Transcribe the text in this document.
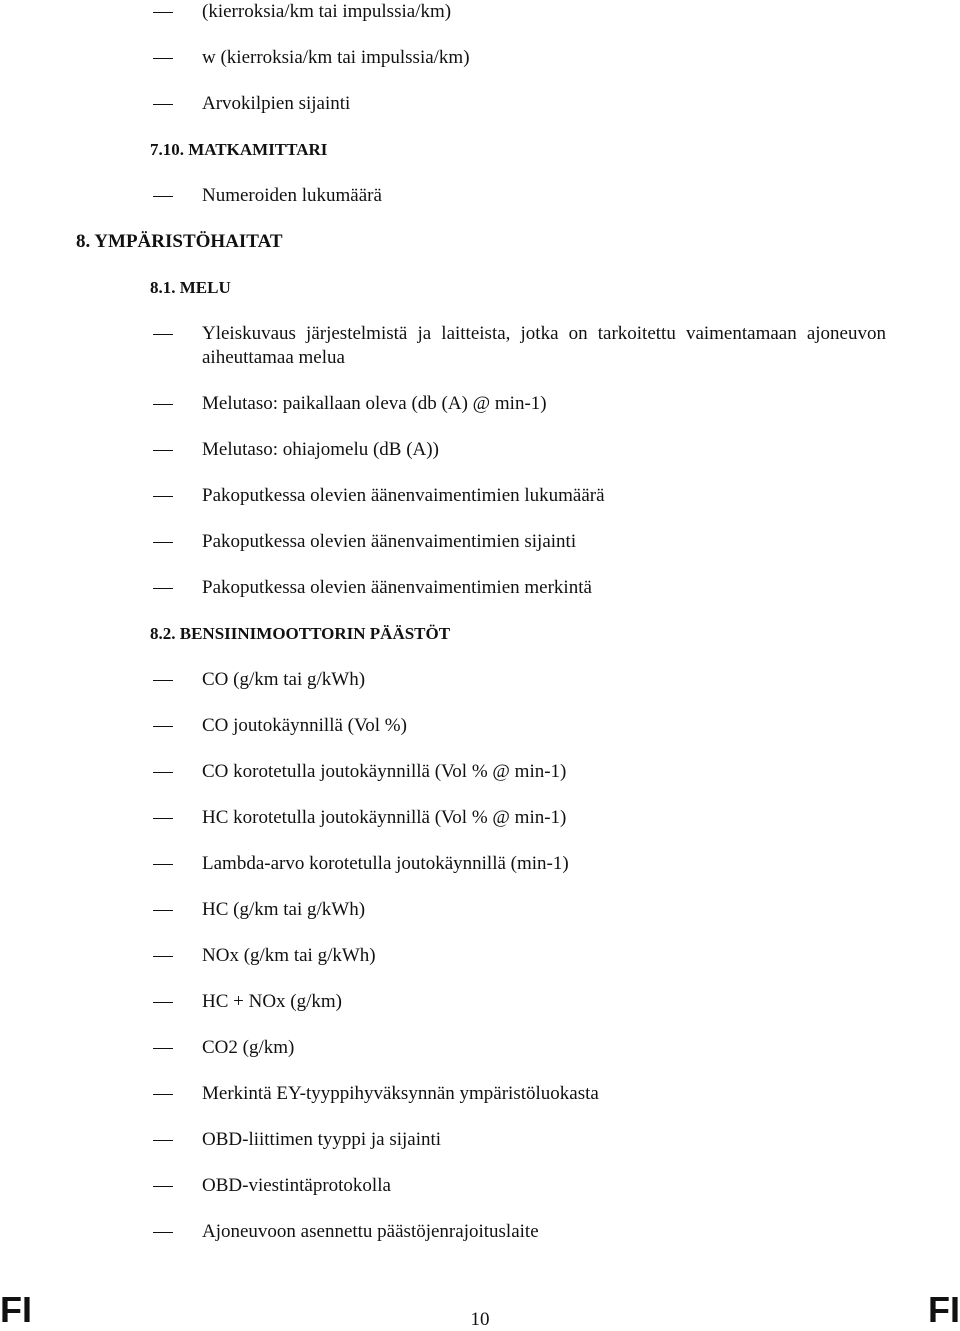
(kierroksia/km tai impulssia/km)
w (kierroksia/km tai impulssia/km)
Arvokilpien sijainti
7.10. MATKAMITTARI
Numeroiden lukumäärä
8. YMPÄRISTÖHAITAT
8.1. MELU
Yleiskuvaus järjestelmistä ja laitteista, jotka on tarkoitettu vaimentamaan ajoneuvon aiheuttamaa melua
Melutaso: paikallaan oleva (db (A) @ min-1)
Melutaso: ohiajomelu (dB (A))
Pakoputkessa olevien äänenvaimentimien lukumäärä
Pakoputkessa olevien äänenvaimentimien sijainti
Pakoputkessa olevien äänenvaimentimien merkintä
8.2. BENSIINIMOOTTORIN PÄÄSTÖT
CO (g/km tai g/kWh)
CO joutokäynnillä (Vol %)
CO korotetulla joutokäynnillä (Vol % @ min-1)
HC korotetulla joutokäynnillä (Vol % @ min-1)
Lambda-arvo korotetulla joutokäynnillä (min-1)
HC (g/km tai g/kWh)
NOx (g/km tai g/kWh)
HC + NOx (g/km)
CO2 (g/km)
Merkintä EY-tyyppihyväksynnän ympäristöluokasta
OBD-liittimen tyyppi ja sijainti
OBD-viestintäprotokolla
Ajoneuvoon asennettu päästöjenrajoituslaite
FI	10	FI
